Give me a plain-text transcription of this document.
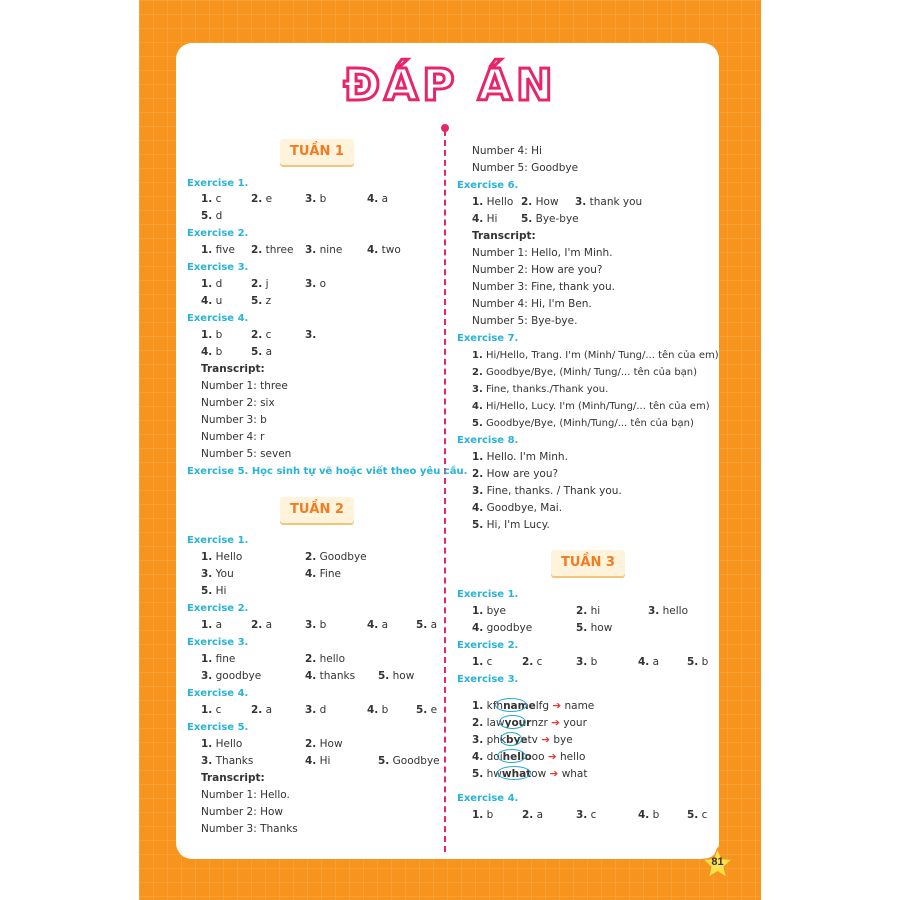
ĐÁP ÁN
TUẦN 1
Exercise 1.
1. c	2. e	3. b	4. a
5. d
Exercise 2.
1. five 2. three 3. nine 4. two
Exercise 3.
1. d	2. j	3. o
4. u	5. z
Exercise 4.
1. b	2. c	3.
4. b	5. a
Transcript:
Number 1: three
Number 2: six
Number 3: b
Number 4: r
Number 5: seven
Exercise 5. Học sinh tự vẽ hoặc viết theo yêu cầu.
TUẦN 2
Exercise 1.
1. Hello	2. Goodbye
3. You	4. Fine
5. Hi
Exercise 2.
1. a	2. a	3. b	4. a	5. a
Exercise 3.
1. fine	2. hello
3. goodbye	4. thanks 5. how
Exercise 4.
1. c	2. a	3. d	4. b	5. e
Exercise 5.
1. Hello	2. How
3. Thanks	4. Hi	5. Goodbye
Transcript:
Number 1: Hello.
Number 2: How
Number 3: Thanks
Number 4: Hi
Number 5: Goodbye
Exercise 6.
1. Hello 2. How 3. thank you
4. Hi 5. Bye-bye
Transcript:
Number 1: Hello, I'm Minh.
Number 2: How are you?
Number 3: Fine, thank you.
Number 4: Hi, I'm Ben.
Number 5: Bye-bye.
Exercise 7.
1. Hi/Hello, Trang. I'm (Minh/ Tung/... tên của em)
2. Goodbye/Bye, (Minh/ Tung/... tên của bạn)
3. Fine, thanks./Thank you.
4. Hi/Hello, Lucy. I'm (Minh/Tung/... tên của em)
5. Goodbye/Bye, (Minh/Tung/... tên của bạn)
Exercise 8.
1. Hello. I'm Minh.
2. How are you?
3. Fine, thanks. / Thank you.
4. Goodbye, Mai.
5. Hi, I'm Lucy.
TUẦN 3
Exercise 1.
1. bye	2. hi	3. hello
4. goodbye	5. how
Exercise 2.
1. c	2. c	3. b	4. a	5. b
Exercise 3.
1. kfhnamelfg ➔ name
2. lawyournzr ➔ your
3. phkbyetv ➔ bye
4. doihellooo ➔ hello
5. hwwhatow ➔ what
Exercise 4.
1. b	2. a	3. c	4. b	5. c
81
